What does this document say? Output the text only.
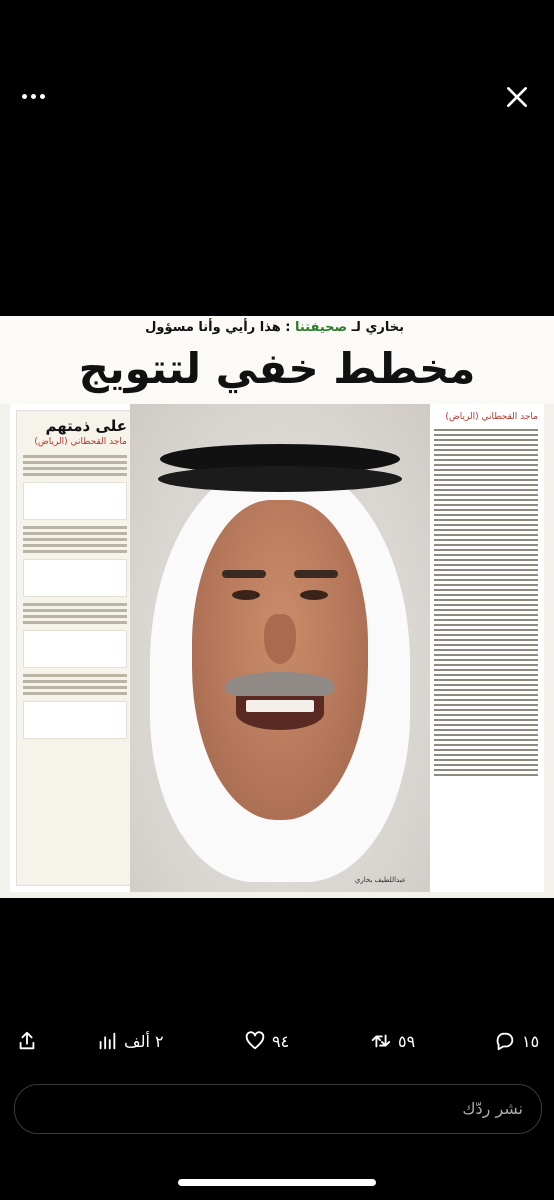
بخاري لـ صحيفتنا : هذا رأيي وأنا مسؤول
مخطط خفي لتتويج
على ذمتهم
ماجد القحطاني (الرياض)
عبداللطيف بخاري
ماجد القحطاني (الرياض)
٢ ألف	٩٤	٥٩	١٥
نشر ردّك
